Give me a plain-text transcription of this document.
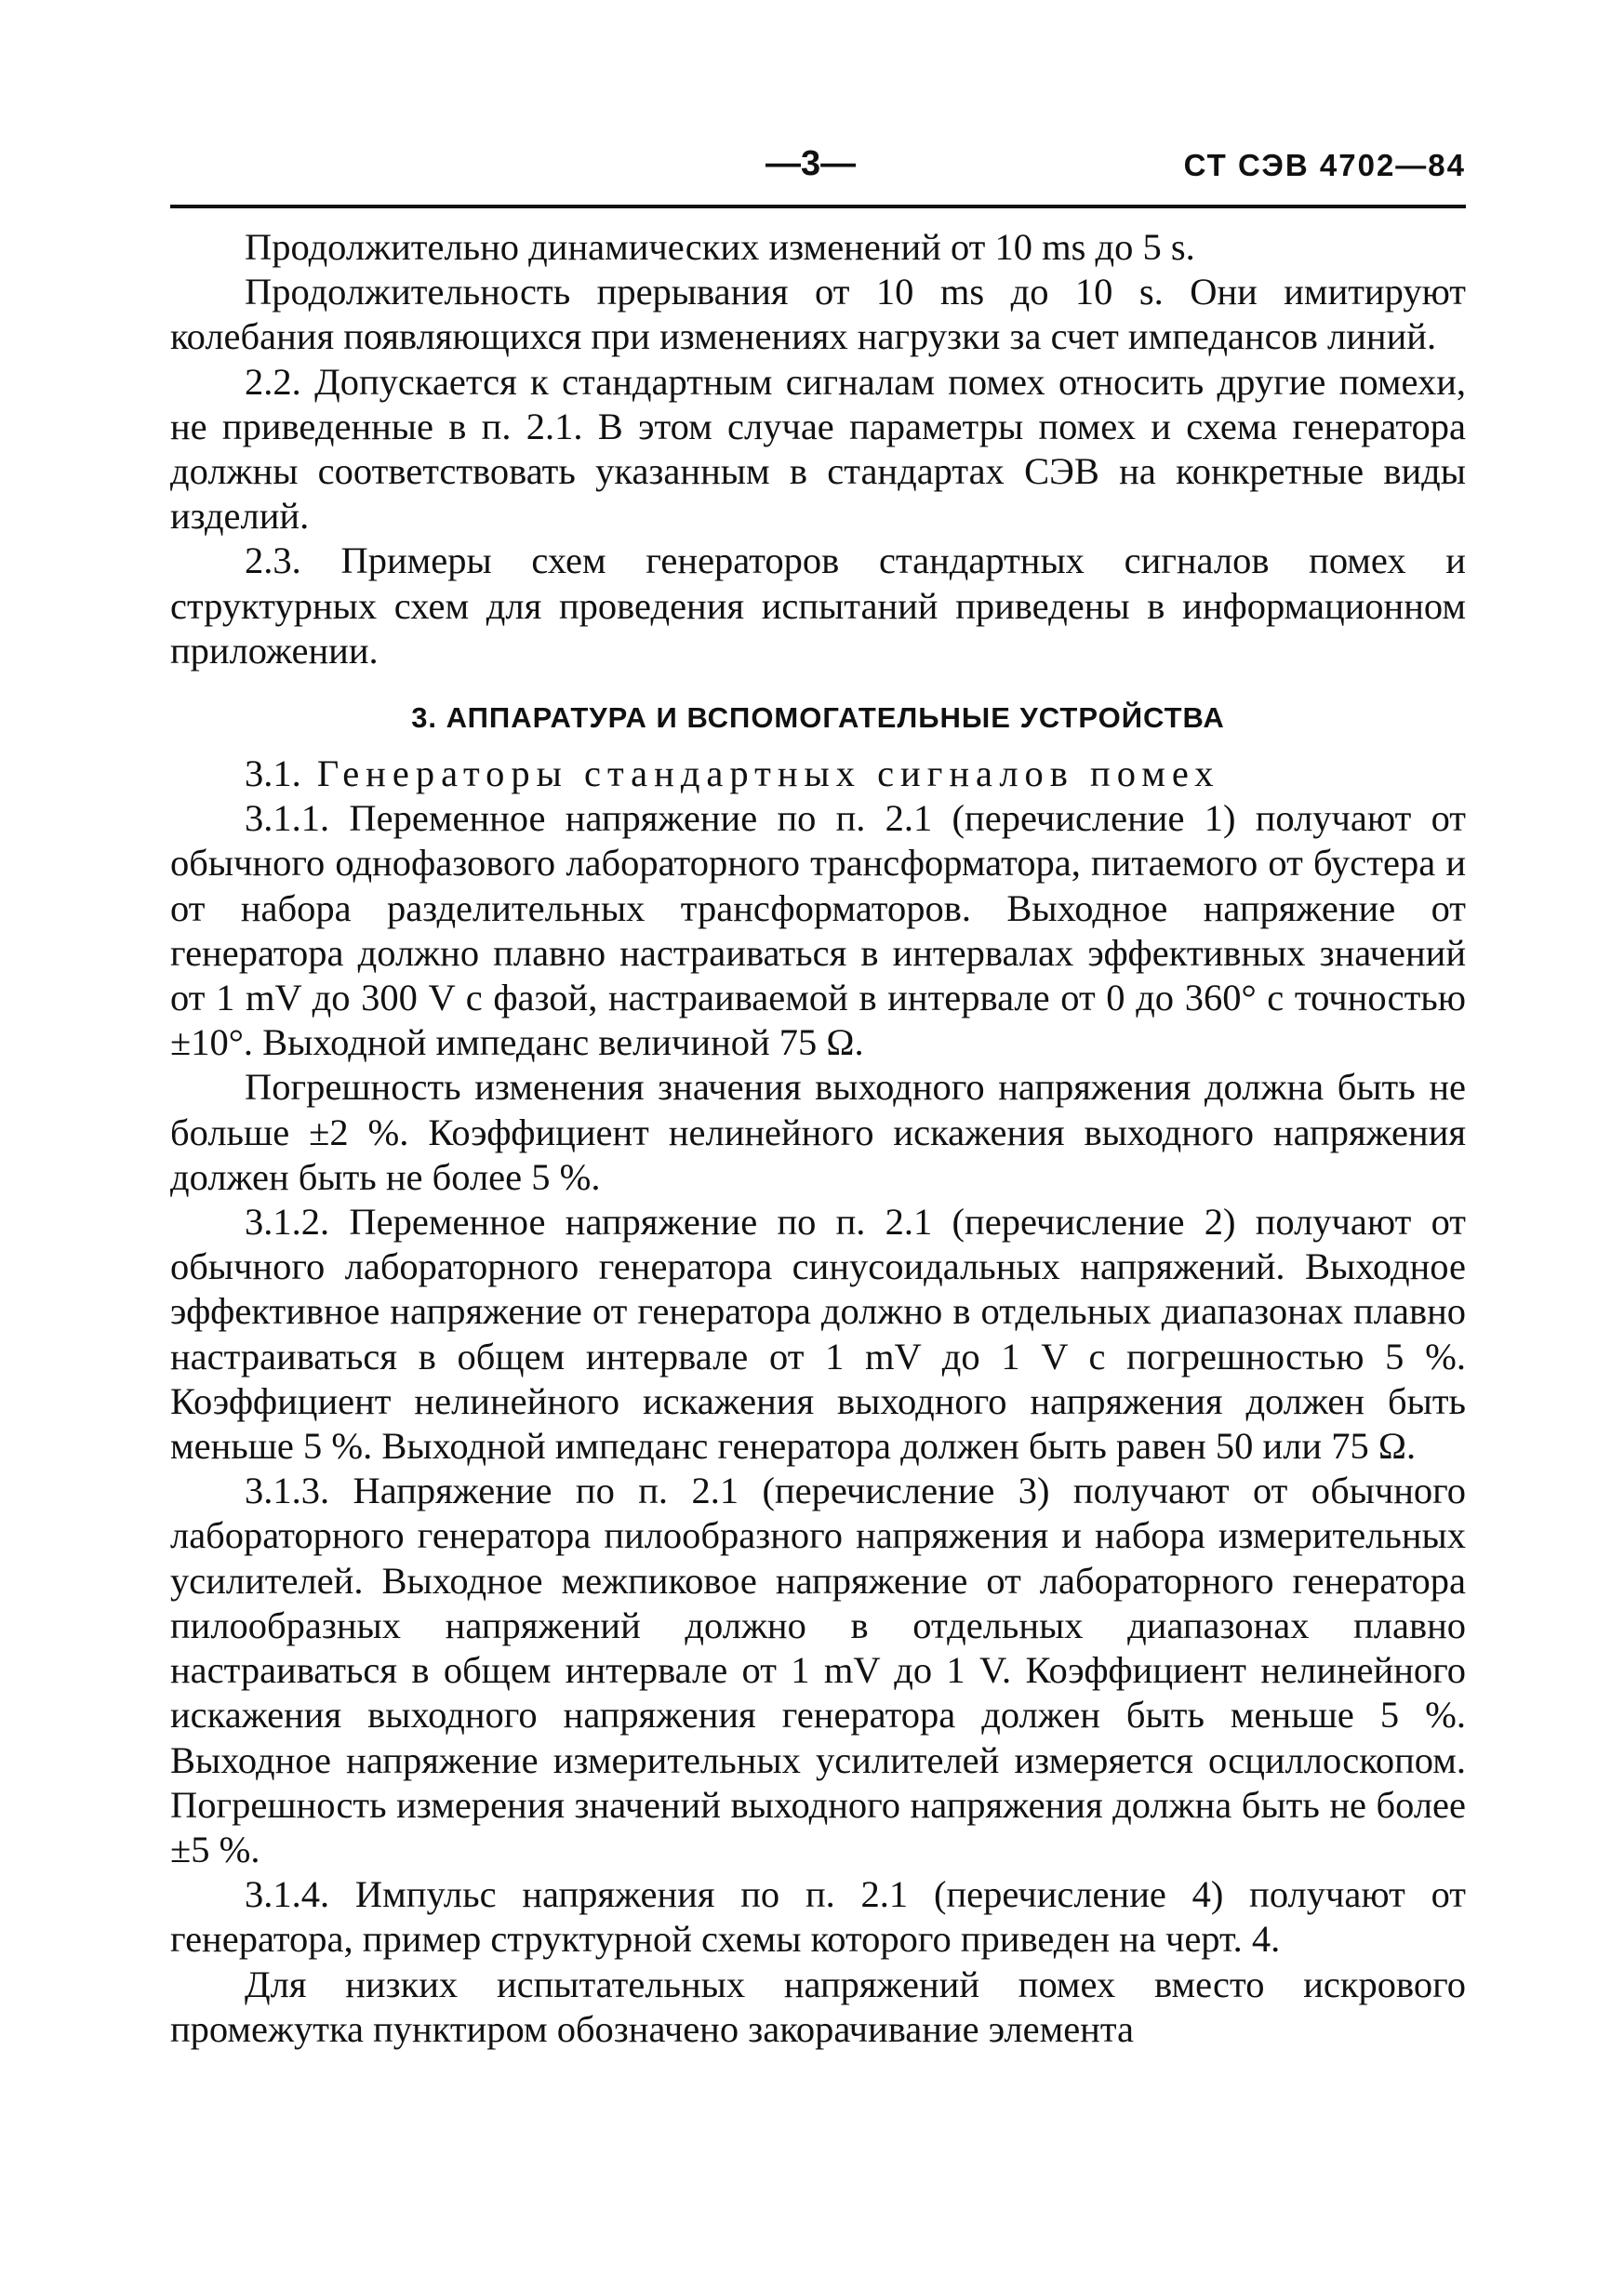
—3—	СТ СЭВ 4702—84

Продолжительно динамических изменений от 10 ms до 5 s.

Продолжительность прерывания от 10 ms до 10 s. Они имитируют колебания появляющихся при изменениях нагрузки за счет импедансов линий.

2.2. Допускается к стандартным сигналам помех относить другие помехи, не приведенные в п. 2.1. В этом случае параметры помех и схема генератора должны соответствовать указанным в стандартах СЭВ на конкретные виды изделий.

2.3. Примеры схем генераторов стандартных сигналов помех и структурных схем для проведения испытаний приведены в информационном приложении.

3. АППАРАТУРА И ВСПОМОГАТЕЛЬНЫЕ УСТРОЙСТВА

3.1. Генераторы стандартных сигналов помех

3.1.1. Переменное напряжение по п. 2.1 (перечисление 1) получают от обычного однофазового лабораторного трансформатора, питаемого от бустера и от набора разделительных трансформаторов. Выходное напряжение от генератора должно плавно настраиваться в интервалах эффективных значений от 1 mV до 300 V с фазой, настраиваемой в интервале от 0 до 360° с точностью ±10°. Выходной импеданс величиной 75 Ω.

Погрешность изменения значения выходного напряжения должна быть не больше ±2 %. Коэффициент нелинейного искажения выходного напряжения должен быть не более 5 %.

3.1.2. Переменное напряжение по п. 2.1 (перечисление 2) получают от обычного лабораторного генератора синусоидальных напряжений. Выходное эффективное напряжение от генератора должно в отдельных диапазонах плавно настраиваться в общем интервале от 1 mV до 1 V с погрешностью 5 %. Коэффициент нелинейного искажения выходного напряжения должен быть меньше 5 %. Выходной импеданс генератора должен быть равен 50 или 75 Ω.

3.1.3. Напряжение по п. 2.1 (перечисление 3) получают от обычного лабораторного генератора пилообразного напряжения и набора измерительных усилителей. Выходное межпиковое напряжение от лабораторного генератора пилообразных напряжений должно в отдельных диапазонах плавно настраиваться в общем интервале от 1 mV до 1 V. Коэффициент нелинейного искажения выходного напряжения генератора должен быть меньше 5 %. Выходное напряжение измерительных усилителей измеряется осциллоскопом. Погрешность измерения значений выходного напряжения должна быть не более ±5 %.

3.1.4. Импульс напряжения по п. 2.1 (перечисление 4) получают от генератора, пример структурной схемы которого приведен на черт. 4.

Для низких испытательных напряжений помех вместо искрового промежутка пунктиром обозначено закорачивание элемента
